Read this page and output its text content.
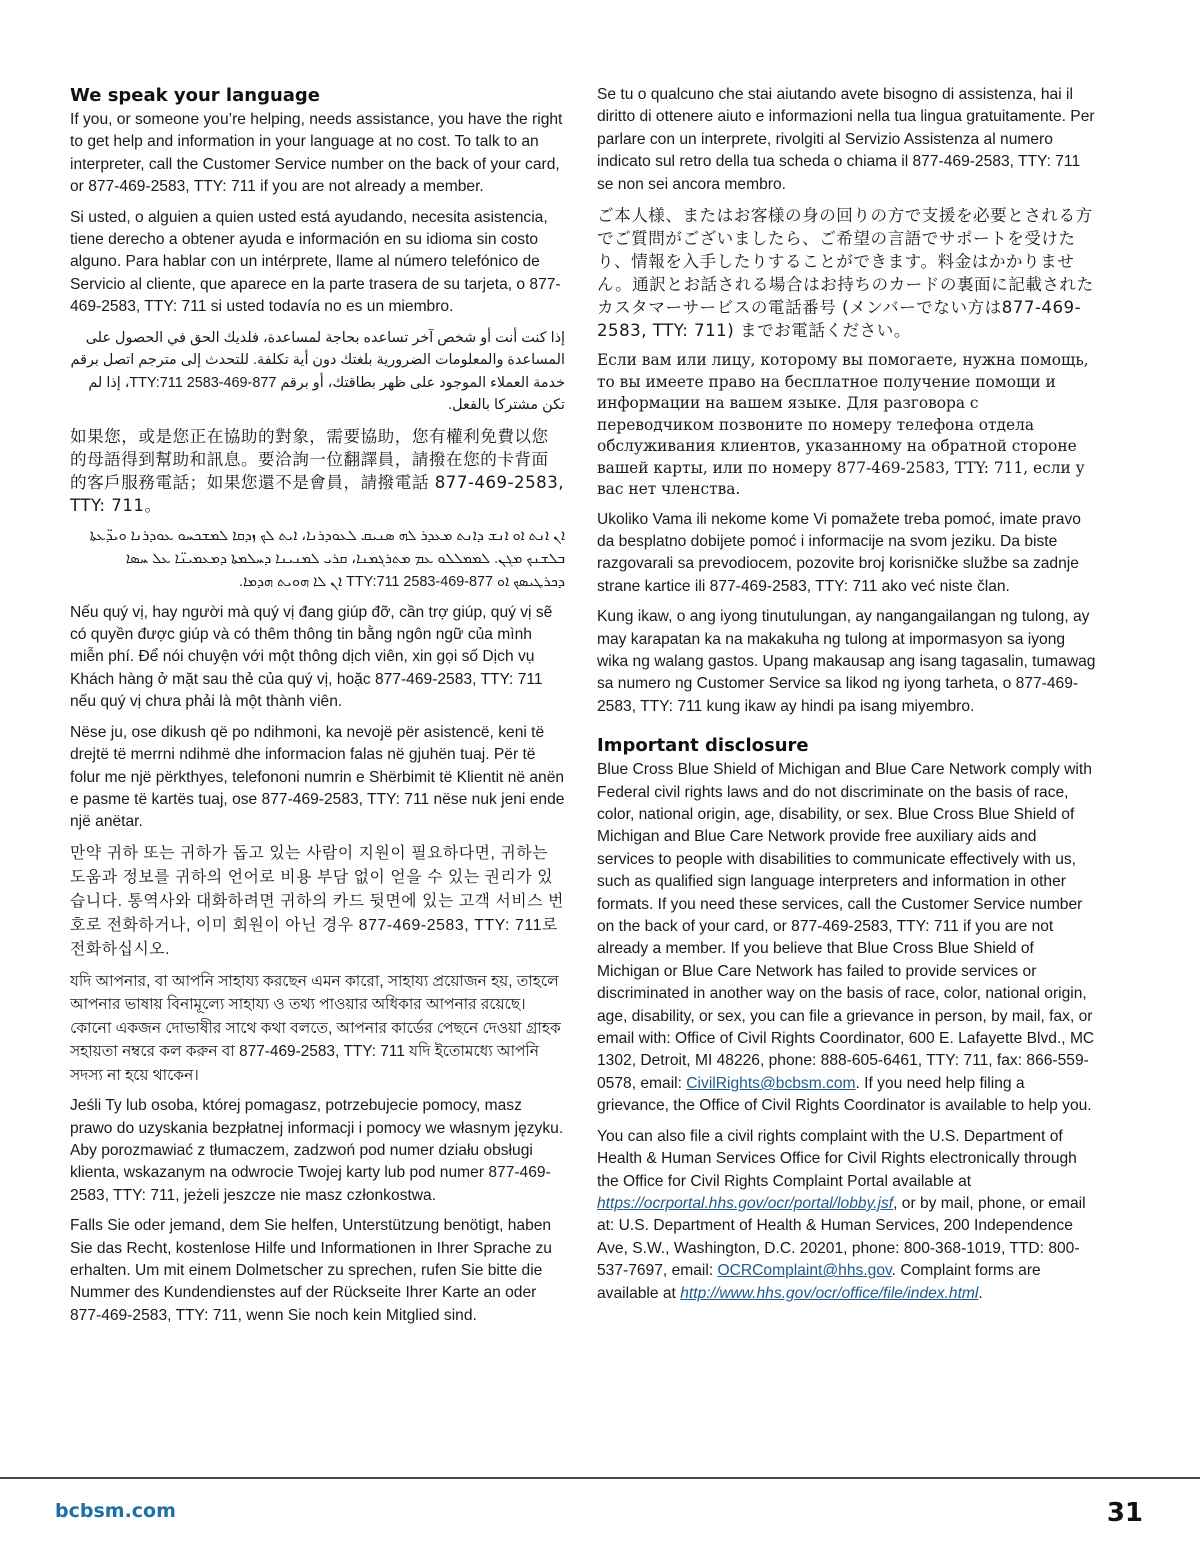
We speak your language

If you, or someone you’re helping, needs assistance, you have the right to get help and information in your language at no cost. To talk to an interpreter, call the Customer Service number on the back of your card, or 877-469-2583, TTY: 711 if you are not already a member.

Si usted, o alguien a quien usted está ayudando, necesita asistencia, tiene derecho a obtener ayuda e información en su idioma sin costo alguno. Para hablar con un intérprete, llame al número telefónico de Servicio al cliente, que aparece en la parte trasera de su tarjeta, o 877-469-2583, TTY: 711 si usted todavía no es un miembro.

إذا كنت أنت أو شخص آخر تساعده بحاجة لمساعدة، فلديك الحق في الحصول على المساعدة والمعلومات الضرورية بلغتك دون أية تكلفة. للتحدث إلى مترجم اتصل برقم خدمة العملاء الموجود على ظهر بطاقتك، أو برقم 877-469-2583 TTY:711، إذا لم تكن مشتركا بالفعل.

如果您，或是您正在協助的對象，需要協助，您有權利免費以您的母語得到幫助和訊息。要洽詢一位翻譯員，請撥在您的卡背面的客戶服務電話；如果您還不是會員，請撥電話 877-469-2583, TTY: 711。

ܐܢ ܐܢܬ ܐܘ ܐܢܫ ܕܐܢܬ ܡܥܕܪ ܠܗ ܣܢܝܩ ܠܥܘܕܪܢܐ، ܐܝܬ ܠܟ ܙܕܩܐ ܠܡܫܟܚܘ ܥܘܕܪܢܐ ܘܝܕ̈ܥܬܐ ܒܠܫܢܟ ܡܓܢ. ܠܡܡܠܠܘ ܥܡ ܡܬܪܓܡܢܐ، ܩܪܝ ܠܡܢܝܢܐ ܕܚܠܡܬܐ ܕܡܥܡܝܢ̈ܐ ܥܠ ܚܣܐ ܕܟܪܛܝܣܟ ܐܘ 877-469-2583 TTY:711 ܐܢ ܠܐ ܗܘܝܬ ܗܕܡܐ.

Nếu quý vị, hay người mà quý vị đang giúp đỡ, cần trợ giúp, quý vị sẽ có quyền được giúp và có thêm thông tin bằng ngôn ngữ của mình miễn phí. Để nói chuyện với một thông dịch viên, xin gọi số Dịch vụ Khách hàng ở mặt sau thẻ của quý vị, hoặc 877-469-2583, TTY: 711 nếu quý vị chưa phải là một thành viên.

Nëse ju, ose dikush që po ndihmoni, ka nevojë për asistencë, keni të drejtë të merrni ndihmë dhe informacion falas në gjuhën tuaj. Për të folur me një përkthyes, telefononi numrin e Shërbimit të Klientit në anën e pasme të kartës tuaj, ose 877-469-2583, TTY: 711 nëse nuk jeni ende një anëtar.

만약 귀하 또는 귀하가 돕고 있는 사람이 지원이 필요하다면, 귀하는 도움과 정보를 귀하의 언어로 비용 부담 없이 얻을 수 있는 권리가 있습니다. 통역사와 대화하려면 귀하의 카드 뒷면에 있는 고객 서비스 번호로 전화하거나, 이미 회원이 아닌 경우 877-469-2583, TTY: 711로 전화하십시오.

যদি আপনার, বা আপনি সাহায্য করছেন এমন কারো, সাহায্য প্রয়োজন হয়, তাহলে আপনার ভাষায় বিনামূল্যে সাহায্য ও তথ্য পাওয়ার অধিকার আপনার রয়েছে। কোনো একজন দোভাষীর সাথে কথা বলতে, আপনার কার্ডের পেছনে দেওয়া গ্রাহক সহায়তা নম্বরে কল করুন বা 877-469-2583, TTY: 711 যদি ইতোমধ্যে আপনি সদস্য না হয়ে থাকেন।

Jeśli Ty lub osoba, której pomagasz, potrzebujecie pomocy, masz prawo do uzyskania bezpłatnej informacji i pomocy we własnym języku. Aby porozmawiać z tłumaczem, zadzwoń pod numer działu obsługi klienta, wskazanym na odwrocie Twojej karty lub pod numer 877-469-2583, TTY: 711, jeżeli jeszcze nie masz członkostwa.

Falls Sie oder jemand, dem Sie helfen, Unterstützung benötigt, haben Sie das Recht, kostenlose Hilfe und Informationen in Ihrer Sprache zu erhalten. Um mit einem Dolmetscher zu sprechen, rufen Sie bitte die Nummer des Kundendienstes auf der Rückseite Ihrer Karte an oder 877-469-2583, TTY: 711, wenn Sie noch kein Mitglied sind.

Se tu o qualcuno che stai aiutando avete bisogno di assistenza, hai il diritto di ottenere aiuto e informazioni nella tua lingua gratuitamente. Per parlare con un interprete, rivolgiti al Servizio Assistenza al numero indicato sul retro della tua scheda o chiama il 877-469-2583, TTY: 711 se non sei ancora membro.

ご本人様、またはお客様の身の回りの方で支援を必要とされる方でご質問がございましたら、ご希望の言語でサポートを受けたり、情報を入手したりすることができます。料金はかかりません。通訳とお話される場合はお持ちのカードの裏面に記載されたカスタマーサービスの電話番号 (メンバーでない方は877-469-2583, TTY: 711) までお電話ください。

Если вам или лицу, которому вы помогаете, нужна помощь, то вы имеете право на бесплатное получение помощи и информации на вашем языке. Для разговора с переводчиком позвоните по номеру телефона отдела обслуживания клиентов, указанному на обратной стороне вашей карты, или по номеру 877-469-2583, TTY: 711, если у вас нет членства.

Ukoliko Vama ili nekome kome Vi pomažete treba pomoć, imate pravo da besplatno dobijete pomoć i informacije na svom jeziku. Da biste razgovarali sa prevodiocem, pozovite broj korisničke službe sa zadnje strane kartice ili 877-469-2583, TTY: 711 ako već niste član.

Kung ikaw, o ang iyong tinutulungan, ay nangangailangan ng tulong, ay may karapatan ka na makakuha ng tulong at impormasyon sa iyong wika ng walang gastos. Upang makausap ang isang tagasalin, tumawag sa numero ng Customer Service sa likod ng iyong tarheta, o 877-469-2583, TTY: 711 kung ikaw ay hindi pa isang miyembro.

Important disclosure

Blue Cross Blue Shield of Michigan and Blue Care Network comply with Federal civil rights laws and do not discriminate on the basis of race, color, national origin, age, disability, or sex. Blue Cross Blue Shield of Michigan and Blue Care Network provide free auxiliary aids and services to people with disabilities to communicate effectively with us, such as qualified sign language interpreters and information in other formats. If you need these services, call the Customer Service number on the back of your card, or 877-469-2583, TTY: 711 if you are not already a member. If you believe that Blue Cross Blue Shield of Michigan or Blue Care Network has failed to provide services or discriminated in another way on the basis of race, color, national origin, age, disability, or sex, you can file a grievance in person, by mail, fax, or email with: Office of Civil Rights Coordinator, 600 E. Lafayette Blvd., MC 1302, Detroit, MI 48226, phone: 888-605-6461, TTY: 711, fax: 866-559-0578, email: CivilRights@bcbsm.com. If you need help filing a grievance, the Office of Civil Rights Coordinator is available to help you.

You can also file a civil rights complaint with the U.S. Department of Health & Human Services Office for Civil Rights electronically through the Office for Civil Rights Complaint Portal available at https://ocrportal.hhs.gov/ocr/portal/lobby.jsf, or by mail, phone, or email at: U.S. Department of Health & Human Services, 200 Independence Ave, S.W., Washington, D.C. 20201, phone: 800-368-1019, TTD: 800-537-7697, email: OCRComplaint@hhs.gov. Complaint forms are available at http://www.hhs.gov/ocr/office/file/index.html.

bcbsm.com	31
